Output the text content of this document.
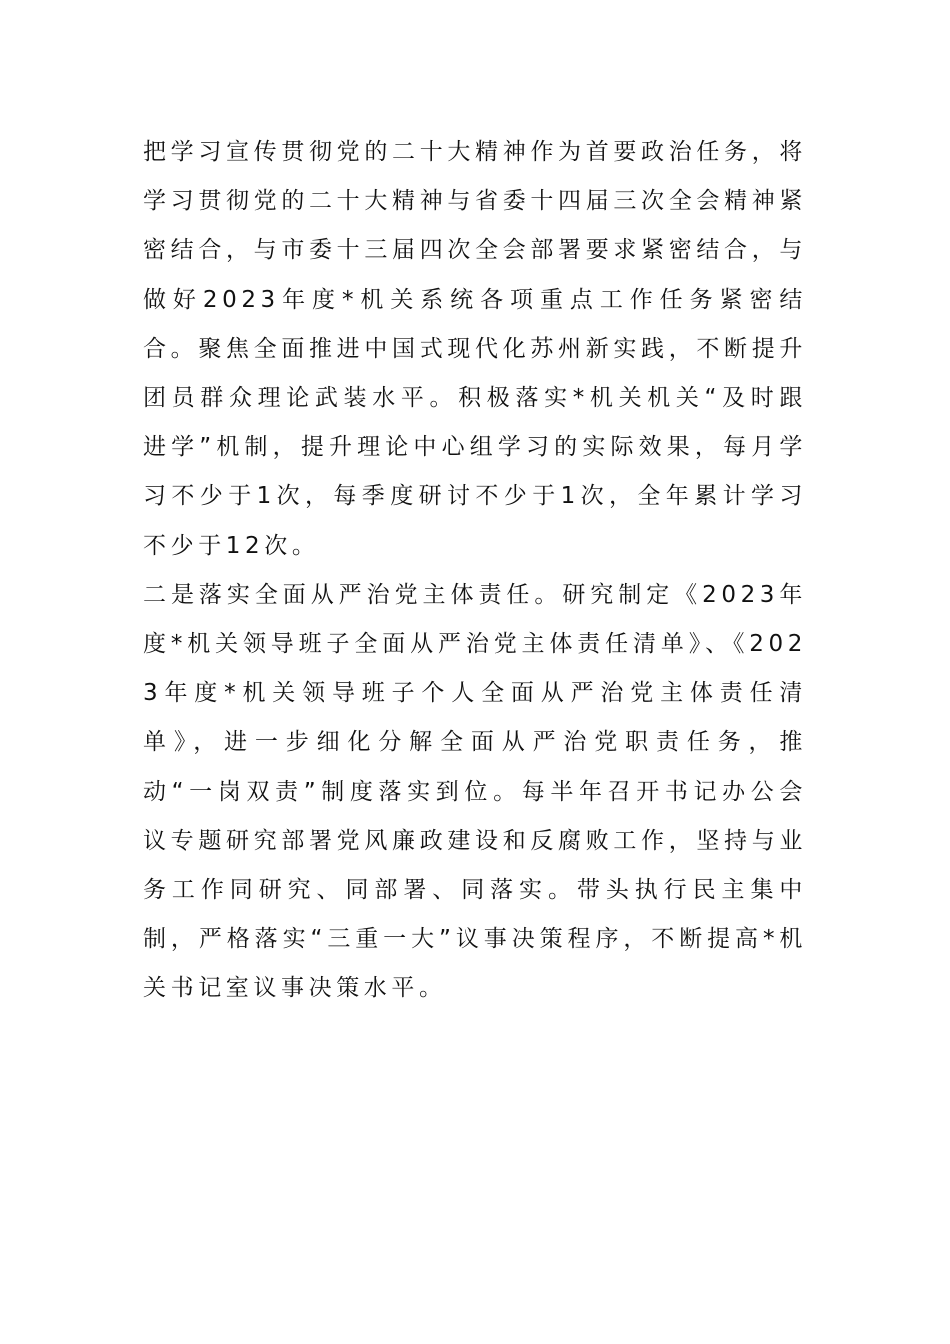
把学习宣传贯彻党的二十大精神作为首要政治任务，将学习贯彻党的二十大精神与省委十四届三次全会精神紧密结合，与市委十三届四次全会部署要求紧密结合，与做好2023年度*机关系统各项重点工作任务紧密结合。聚焦全面推进中国式现代化苏州新实践，不断提升团员群众理论武装水平。积极落实*机关机关“及时跟进学”机制，提升理论中心组学习的实际效果，每月学习不少于1次，每季度研讨不少于1次，全年累计学习不少于12次。

二是落实全面从严治党主体责任。研究制定《2023年度*机关领导班子全面从严治党主体责任清单》、《2023年度*机关领导班子个人全面从严治党主体责任清单》，进一步细化分解全面从严治党职责任务，推动“一岗双责”制度落实到位。每半年召开书记办公会议专题研究部署党风廉政建设和反腐败工作，坚持与业务工作同研究、同部署、同落实。带头执行民主集中制，严格落实“三重一大”议事决策程序，不断提高*机关书记室议事决策水平。
